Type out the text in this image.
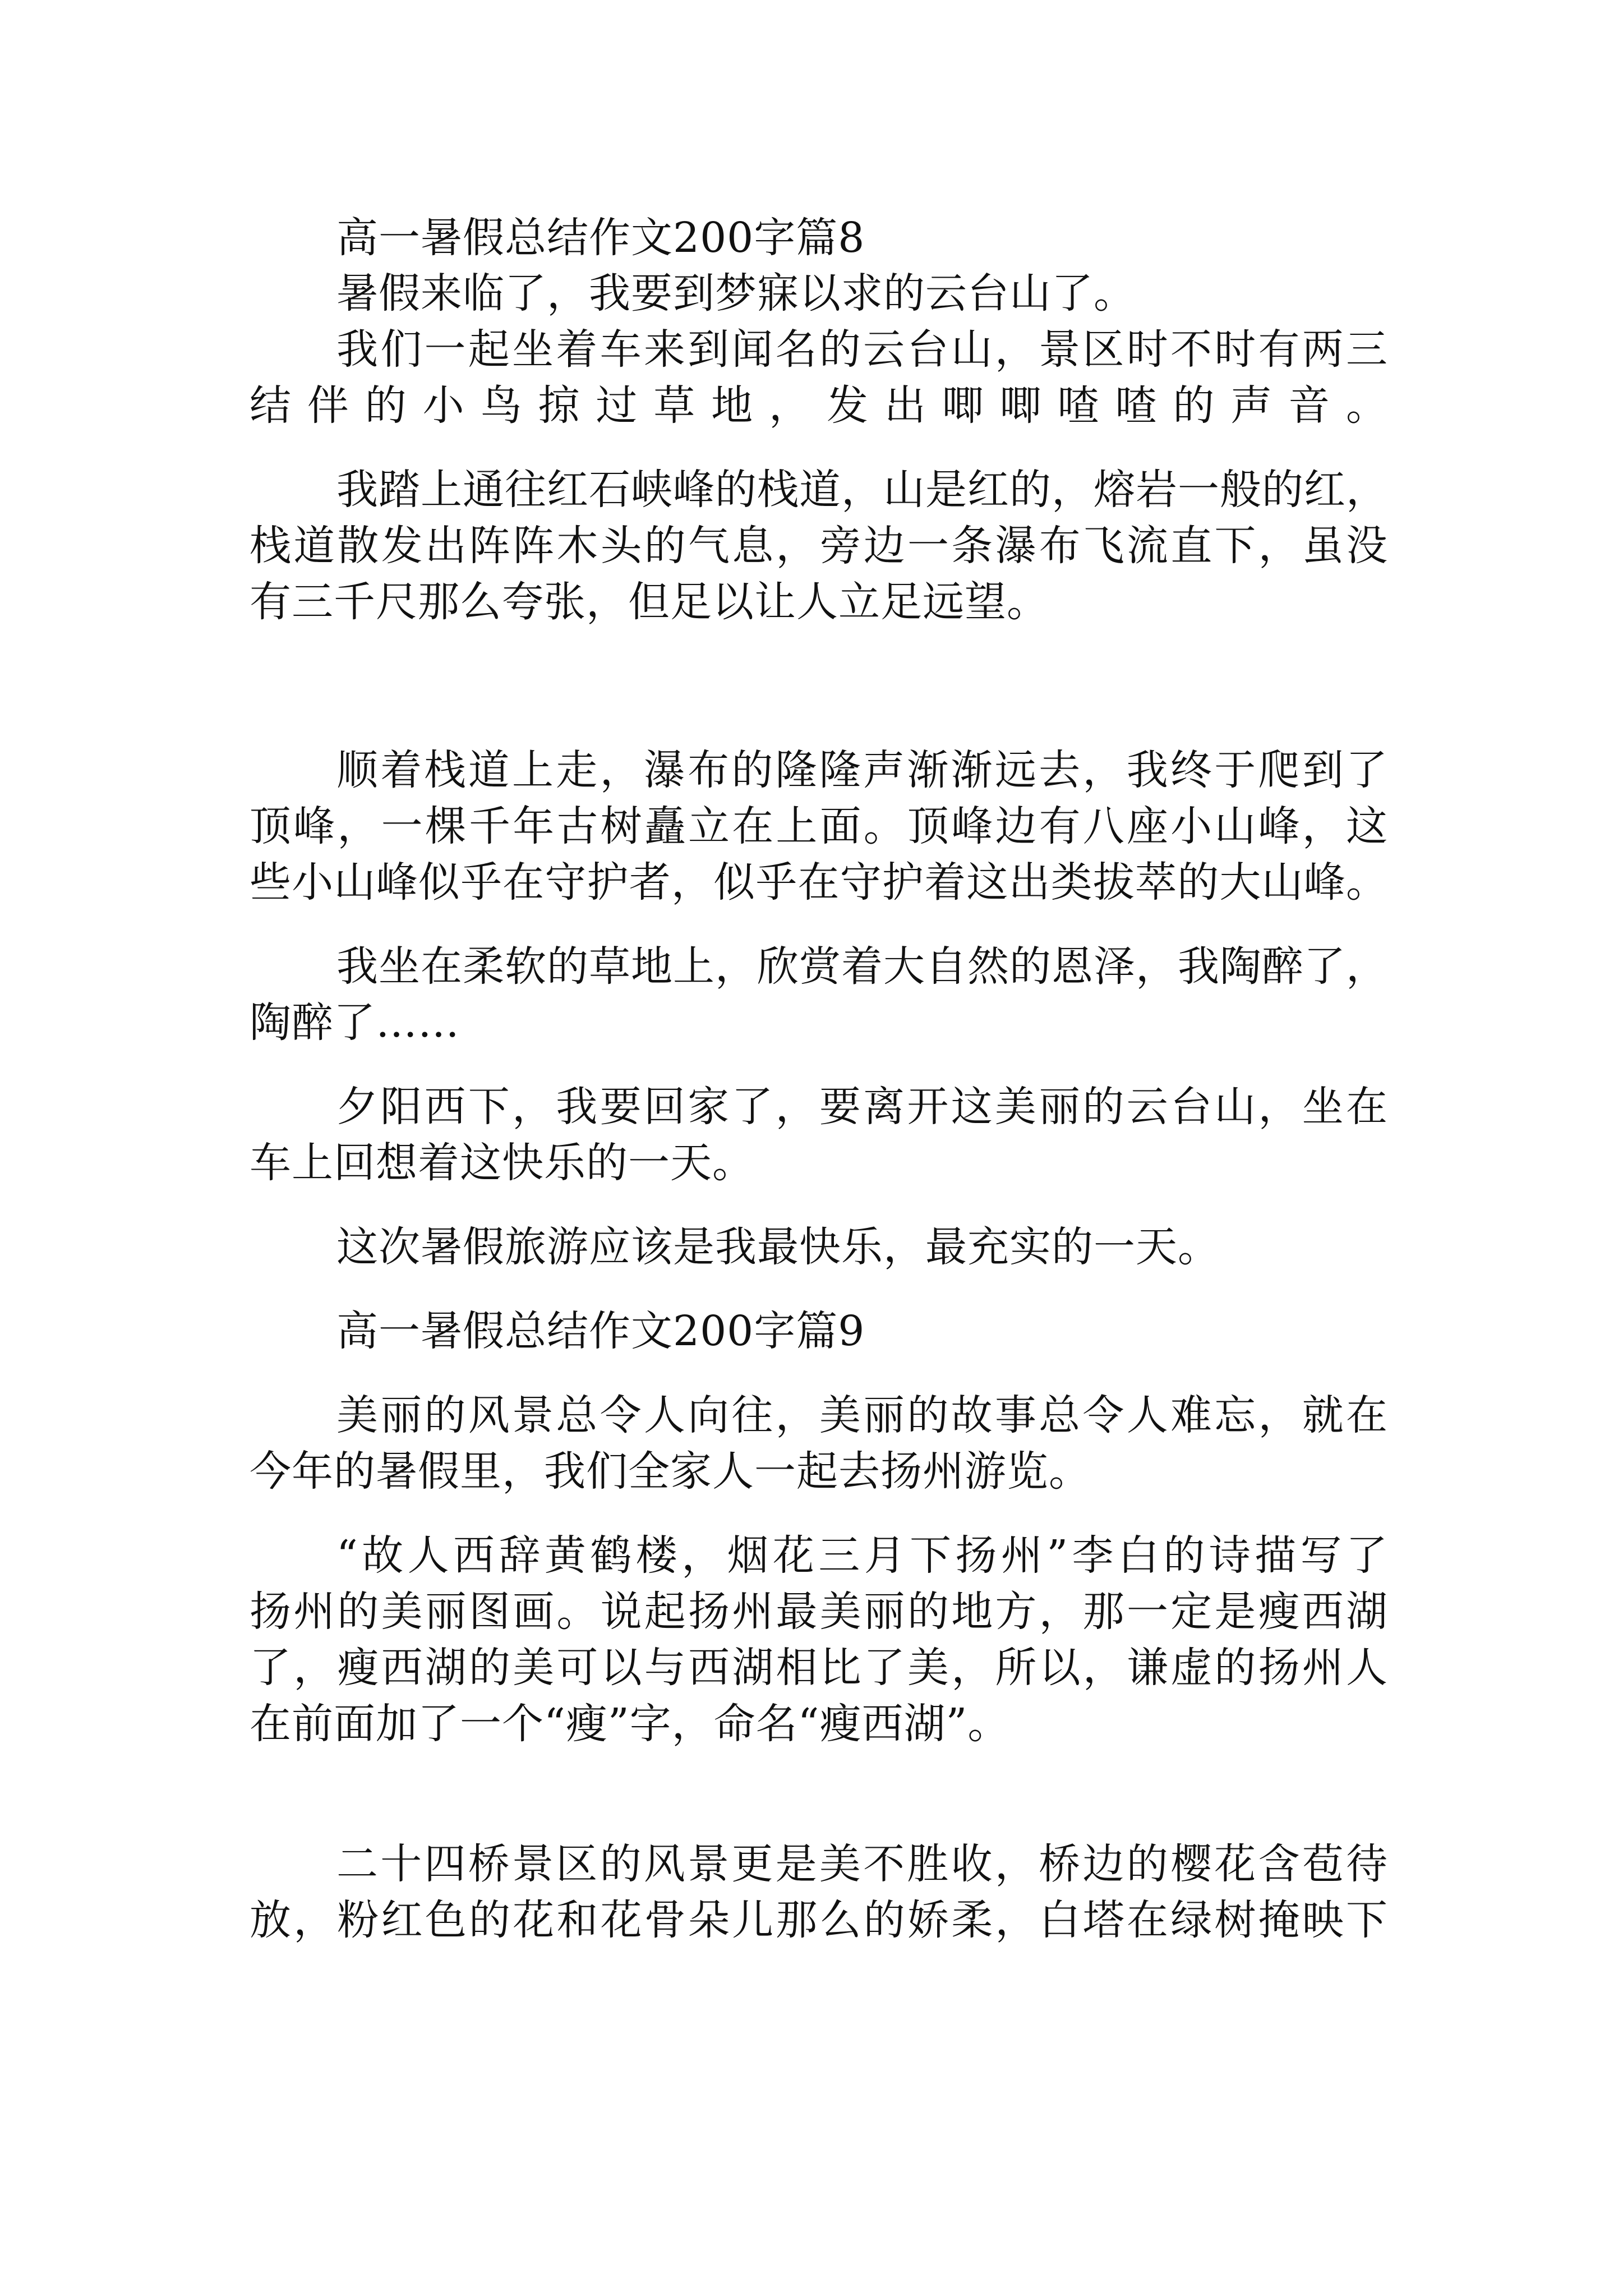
高一暑假总结作文200字篇8
暑假来临了，我要到梦寐以求的云台山了。
我们一起坐着车来到闻名的云台山，景区时不时有两三
结伴的小鸟掠过草地，发出唧唧喳喳的声音。
我踏上通往红石峡峰的栈道，山是红的，熔岩一般的红，
栈道散发出阵阵木头的气息，旁边一条瀑布飞流直下，虽没
有三千尺那么夸张，但足以让人立足远望。
顺着栈道上走，瀑布的隆隆声渐渐远去，我终于爬到了
顶峰，一棵千年古树矗立在上面。顶峰边有八座小山峰，这
些小山峰似乎在守护者，似乎在守护着这出类拔萃的大山峰。
我坐在柔软的草地上，欣赏着大自然的恩泽，我陶醉了，
陶醉了……
夕阳西下，我要回家了，要离开这美丽的云台山，坐在
车上回想着这快乐的一天。
这次暑假旅游应该是我最快乐，最充实的一天。
高一暑假总结作文200字篇9
美丽的风景总令人向往，美丽的故事总令人难忘，就在
今年的暑假里，我们全家人一起去扬州游览。
“故人西辞黄鹤楼，烟花三月下扬州”李白的诗描写了
扬州的美丽图画。说起扬州最美丽的地方，那一定是瘦西湖
了，瘦西湖的美可以与西湖相比了美，所以，谦虚的扬州人
在前面加了一个“瘦”字，命名“瘦西湖”。
二十四桥景区的风景更是美不胜收，桥边的樱花含苞待
放，粉红色的花和花骨朵儿那么的娇柔，白塔在绿树掩映下
